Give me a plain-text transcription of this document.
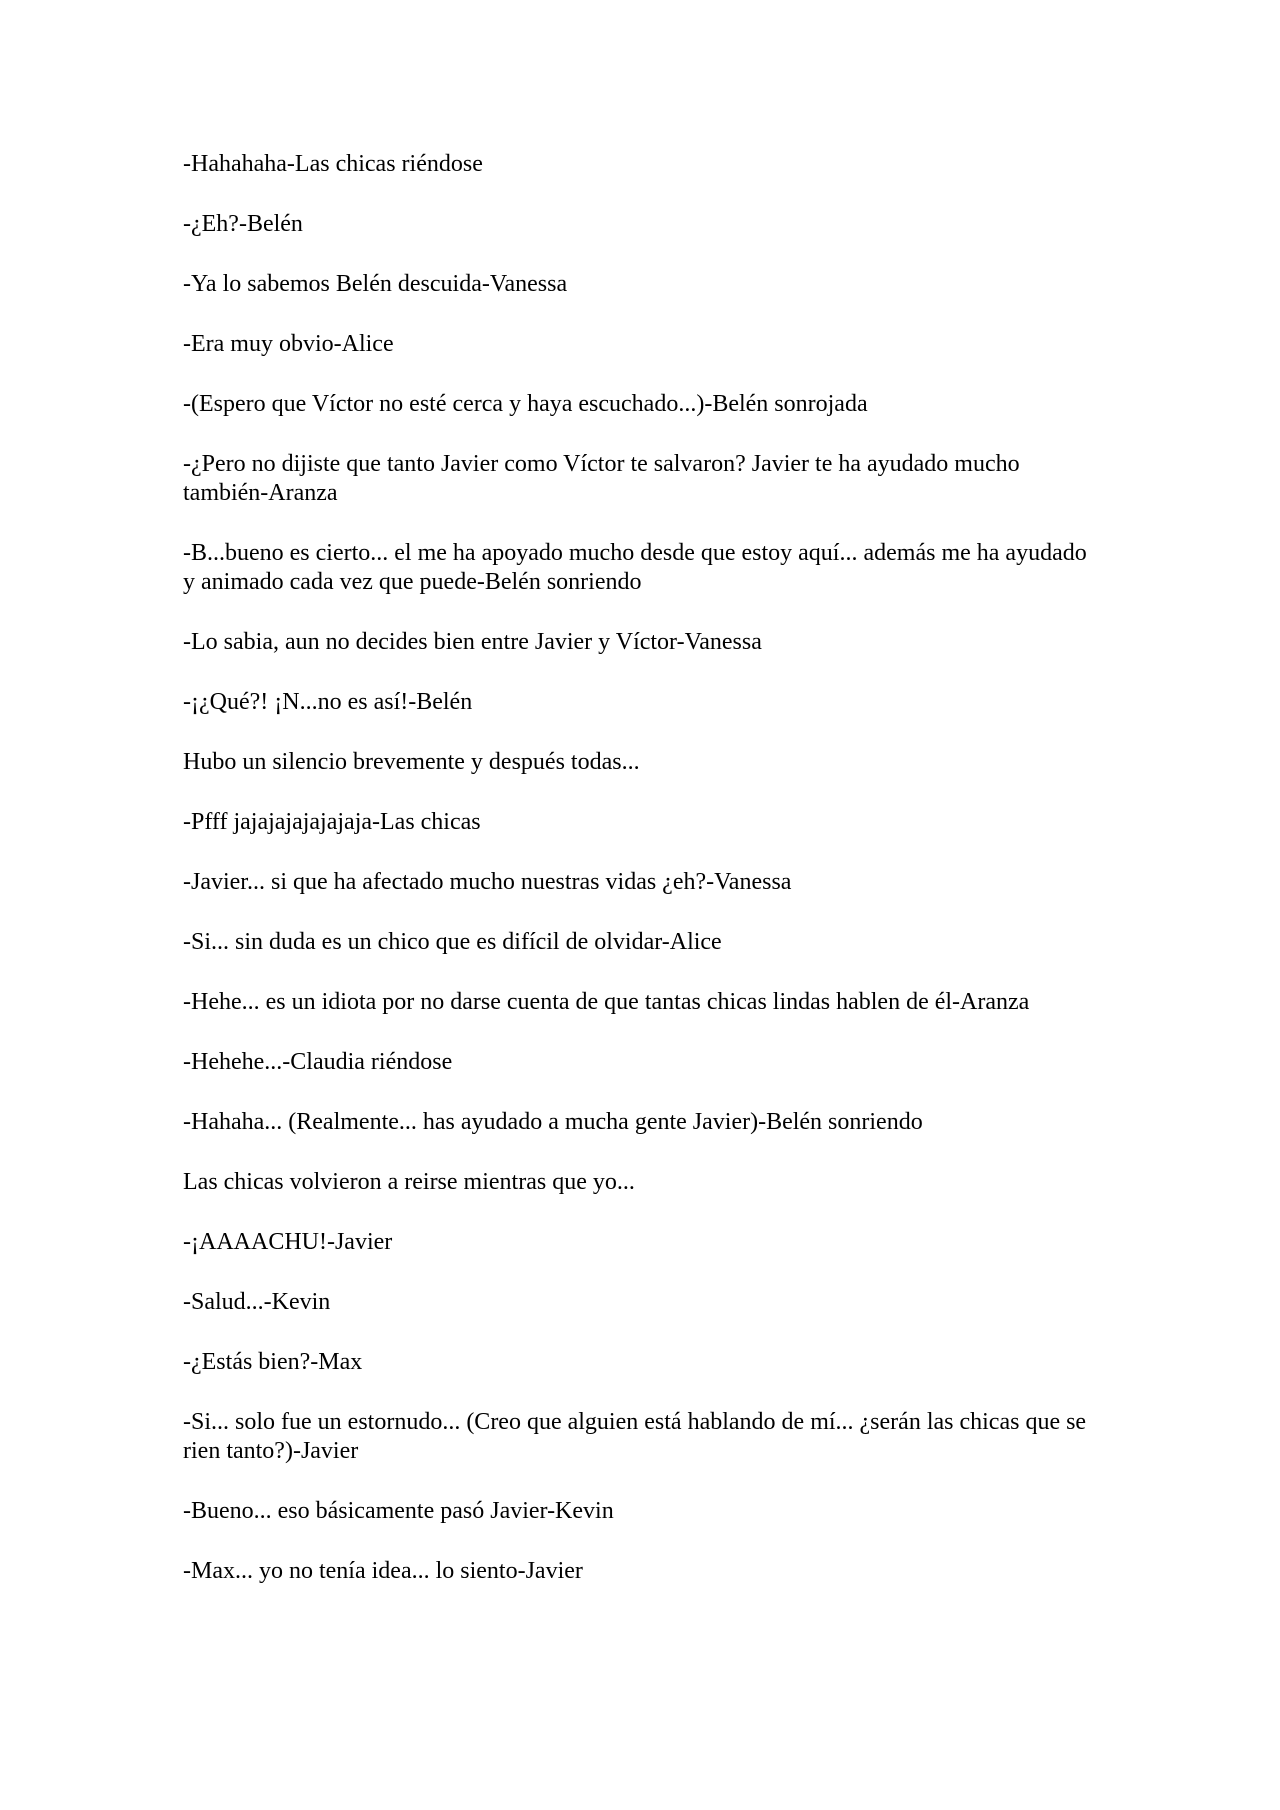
-Hahahaha-Las chicas riéndose

-¿Eh?-Belén

-Ya lo sabemos Belén descuida-Vanessa

-Era muy obvio-Alice

-(Espero que Víctor no esté cerca y haya escuchado...)-Belén sonrojada

-¿Pero no dijiste que tanto Javier como Víctor te salvaron? Javier te ha ayudado mucho también-Aranza

-B...bueno es cierto... el me ha apoyado mucho desde que estoy aquí... además me ha ayudado y animado cada vez que puede-Belén sonriendo

-Lo sabia, aun no decides bien entre Javier y Víctor-Vanessa

-¡¿Qué?! ¡N...no es así!-Belén

Hubo un silencio brevemente y después todas...

-Pfff jajajajajajajaja-Las chicas

-Javier... si que ha afectado mucho nuestras vidas ¿eh?-Vanessa

-Si... sin duda es un chico que es difícil de olvidar-Alice

-Hehe... es un idiota por no darse cuenta de que tantas chicas lindas hablen de él-Aranza

-Hehehe...-Claudia riéndose

-Hahaha... (Realmente... has ayudado a mucha gente Javier)-Belén sonriendo

Las chicas volvieron a reirse mientras que yo...

-¡AAAACHU!-Javier

-Salud...-Kevin

-¿Estás bien?-Max

-Si... solo fue un estornudo... (Creo que alguien está hablando de mí... ¿serán las chicas que se rien tanto?)-Javier

-Bueno... eso básicamente pasó Javier-Kevin

-Max... yo no tenía idea... lo siento-Javier
